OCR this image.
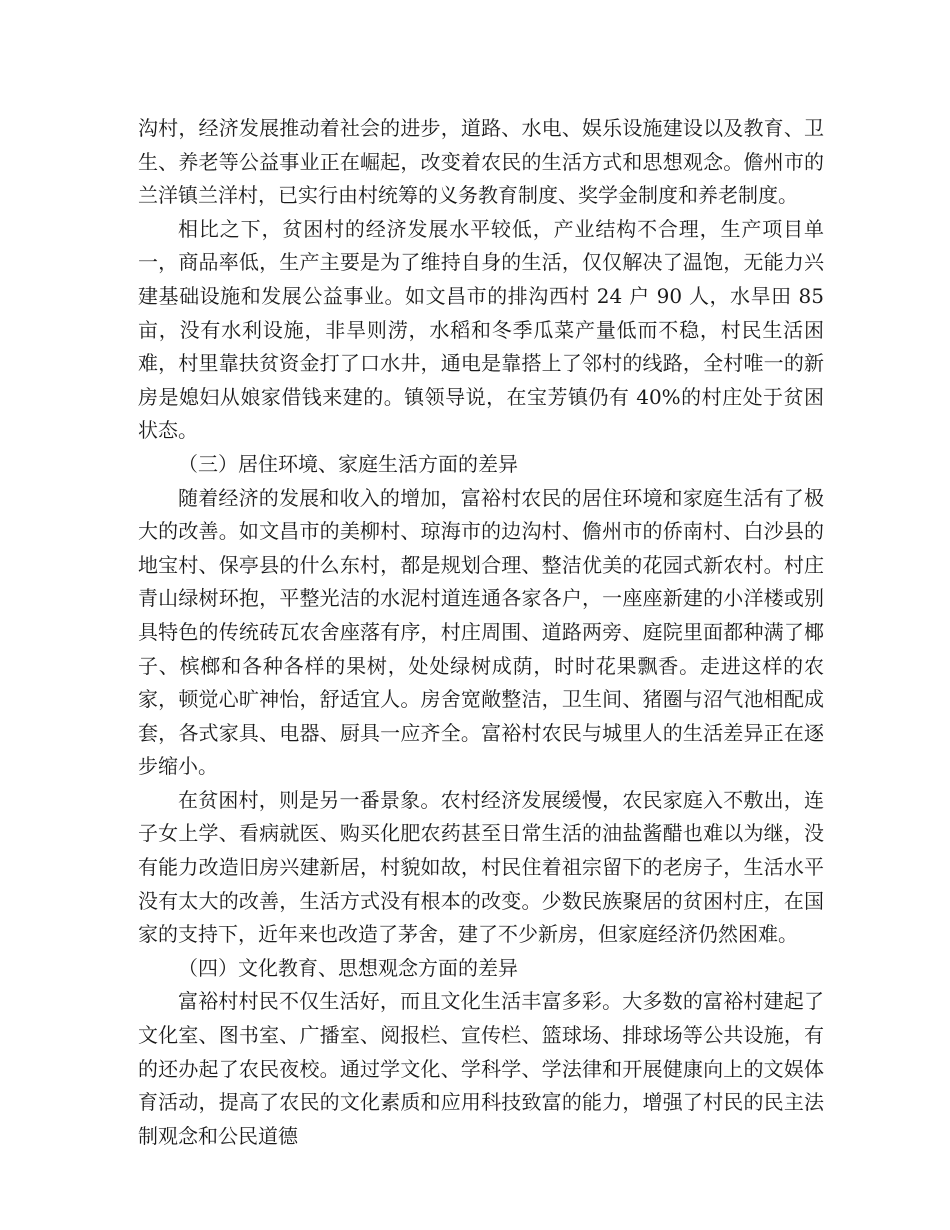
沟村，经济发展推动着社会的进步，道路、水电、娱乐设施建设以及教育、卫生、养老等公益事业正在崛起，改变着农民的生活方式和思想观念。儋州市的兰洋镇兰洋村，已实行由村统筹的义务教育制度、奖学金制度和养老制度。

相比之下，贫困村的经济发展水平较低，产业结构不合理，生产项目单一，商品率低，生产主要是为了维持自身的生活，仅仅解决了温饱，无能力兴建基础设施和发展公益事业。如文昌市的排沟西村 24 户 90 人，水旱田 85 亩，没有水利设施，非旱则涝，水稻和冬季瓜菜产量低而不稳，村民生活困难，村里靠扶贫资金打了口水井，通电是靠搭上了邻村的线路，全村唯一的新房是媳妇从娘家借钱来建的。镇领导说，在宝芳镇仍有 40%的村庄处于贫困状态。

（三）居住环境、家庭生活方面的差异

随着经济的发展和收入的增加，富裕村农民的居住环境和家庭生活有了极大的改善。如文昌市的美柳村、琼海市的边沟村、儋州市的侨南村、白沙县的地宝村、保亭县的什么东村，都是规划合理、整洁优美的花园式新农村。村庄青山绿树环抱，平整光洁的水泥村道连通各家各户，一座座新建的小洋楼或别具特色的传统砖瓦农舍座落有序，村庄周围、道路两旁、庭院里面都种满了椰子、槟榔和各种各样的果树，处处绿树成荫，时时花果飘香。走进这样的农家，顿觉心旷神怡，舒适宜人。房舍宽敞整洁，卫生间、猪圈与沼气池相配成套，各式家具、电器、厨具一应齐全。富裕村农民与城里人的生活差异正在逐步缩小。

在贫困村，则是另一番景象。农村经济发展缓慢，农民家庭入不敷出，连子女上学、看病就医、购买化肥农药甚至日常生活的油盐酱醋也难以为继，没有能力改造旧房兴建新居，村貌如故，村民住着祖宗留下的老房子，生活水平没有太大的改善，生活方式没有根本的改变。少数民族聚居的贫困村庄，在国家的支持下，近年来也改造了茅舍，建了不少新房，但家庭经济仍然困难。

（四）文化教育、思想观念方面的差异

富裕村村民不仅生活好，而且文化生活丰富多彩。大多数的富裕村建起了文化室、图书室、广播室、阅报栏、宣传栏、篮球场、排球场等公共设施，有的还办起了农民夜校。通过学文化、学科学、学法律和开展健康向上的文娱体育活动，提高了农民的文化素质和应用科技致富的能力，增强了村民的民主法制观念和公民道德
